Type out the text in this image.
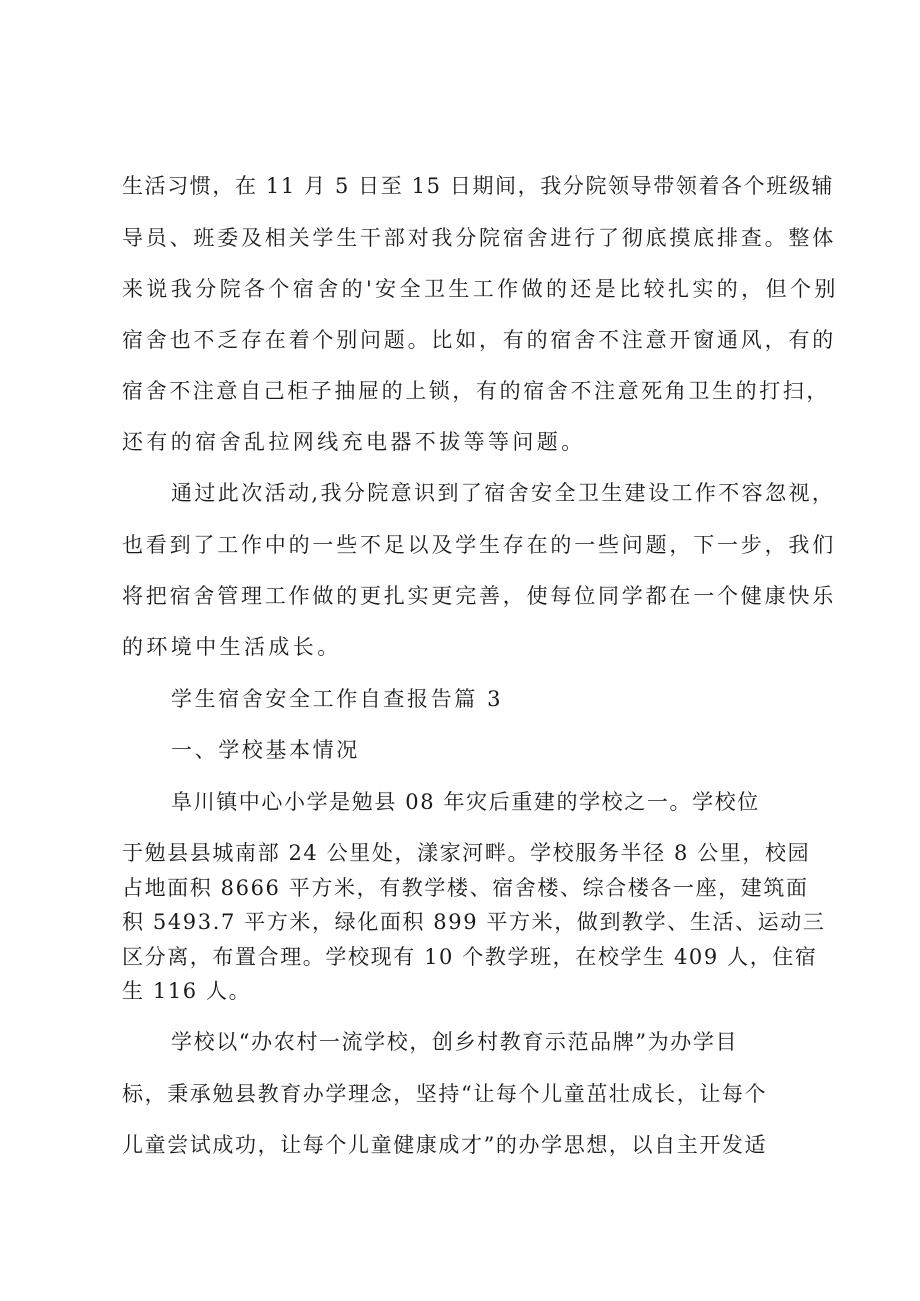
生活习惯，在 11 月 5 日至 15 日期间，我分院领导带领着各个班级辅

导员、班委及相关学生干部对我分院宿舍进行了彻底摸底排查。整体

来说我分院各个宿舍的'安全卫生工作做的还是比较扎实的，但个别

宿舍也不乏存在着个别问题。比如，有的宿舍不注意开窗通风，有的

宿舍不注意自己柜子抽屉的上锁，有的宿舍不注意死角卫生的打扫，

还有的宿舍乱拉网线充电器不拔等等问题。

通过此次活动,我分院意识到了宿舍安全卫生建设工作不容忽视，

也看到了工作中的一些不足以及学生存在的一些问题，下一步，我们

将把宿舍管理工作做的更扎实更完善，使每位同学都在一个健康快乐

的环境中生活成长。

学生宿舍安全工作自查报告篇 3

一、学校基本情况

阜川镇中心小学是勉县 08 年灾后重建的学校之一。学校位

于勉县县城南部 24 公里处，漾家河畔。学校服务半径 8 公里，校园

占地面积 8666 平方米，有教学楼、宿舍楼、综合楼各一座，建筑面

积 5493.7 平方米，绿化面积 899 平方米，做到教学、生活、运动三

区分离，布置合理。学校现有 10 个教学班，在校学生 409 人，住宿

生 116 人。

学校以“办农村一流学校，创乡村教育示范品牌”为办学目

标，秉承勉县教育办学理念，坚持“让每个儿童茁壮成长，让每个

儿童尝试成功，让每个儿童健康成才”的办学思想，以自主开发适
